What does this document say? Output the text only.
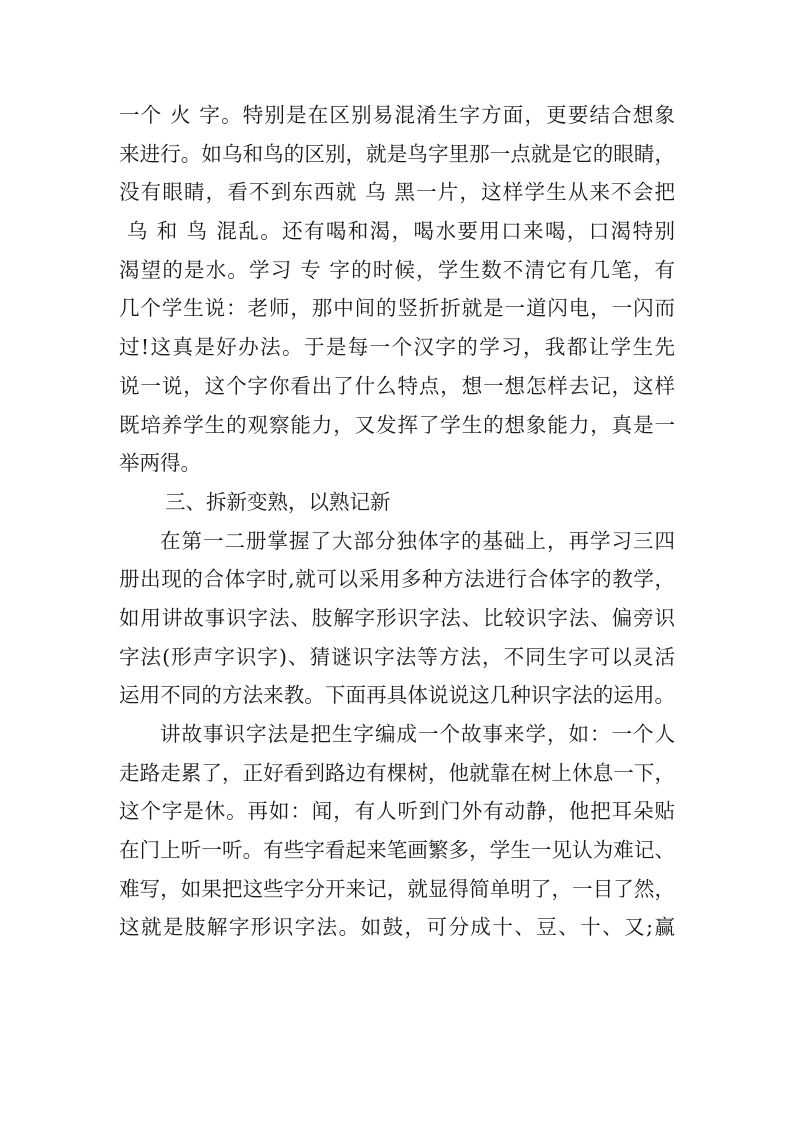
一个 火 字。特别是在区别易混淆生字方面，更要结合想象
来进行。如乌和鸟的区别，就是鸟字里那一点就是它的眼睛，
没有眼睛，看不到东西就 乌 黑一片，这样学生从来不会把
乌 和 鸟 混乱。还有喝和渴，喝水要用口来喝，口渴特别
渴望的是水。学习 专 字的时候，学生数不清它有几笔，有
几个学生说：老师，那中间的竖折折就是一道闪电，一闪而
过!这真是好办法。于是每一个汉字的学习，我都让学生先
说一说，这个字你看出了什么特点，想一想怎样去记，这样
既培养学生的观察能力，又发挥了学生的想象能力，真是一
举两得。
三、拆新变熟，以熟记新
在第一二册掌握了大部分独体字的基础上，再学习三四
册出现的合体字时,就可以采用多种方法进行合体字的教学，
如用讲故事识字法、肢解字形识字法、比较识字法、偏旁识
字法(形声字识字)、猜谜识字法等方法，不同生字可以灵活
运用不同的方法来教。下面再具体说说这几种识字法的运用。
讲故事识字法是把生字编成一个故事来学，如：一个人
走路走累了，正好看到路边有棵树，他就靠在树上休息一下，
这个字是休。再如：闻，有人听到门外有动静，他把耳朵贴
在门上听一听。有些字看起来笔画繁多，学生一见认为难记、
难写，如果把这些字分开来记，就显得简单明了，一目了然，
这就是肢解字形识字法。如鼓，可分成十、豆、十、又;赢
